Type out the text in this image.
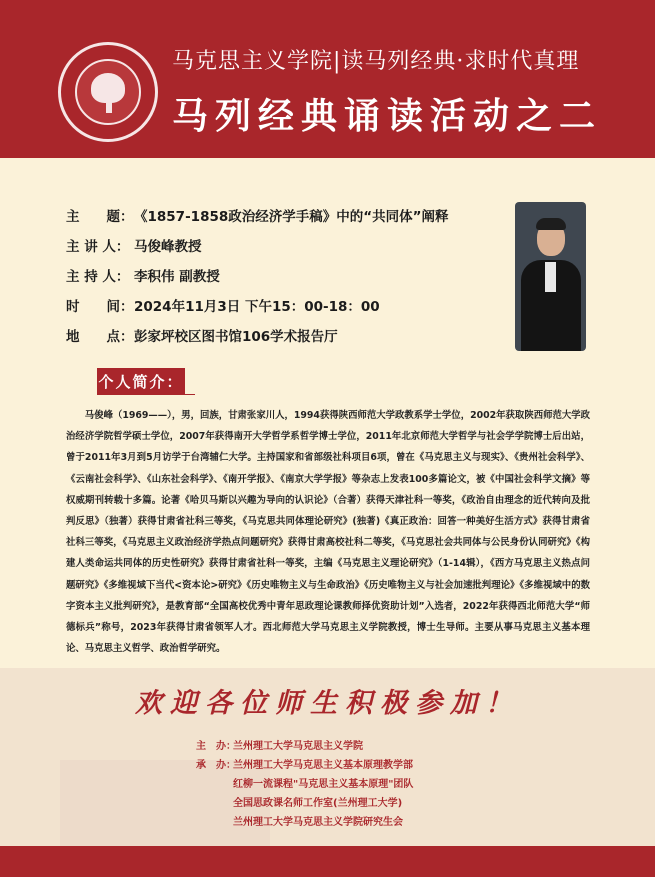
马克思主义学院|读马列经典·求时代真理
马列经典诵读活动之二
主　　题： 《1857-1858政治经济学手稿》中的“共同体”阐释
主 讲 人： 马俊峰教授
主 持 人： 李积伟 副教授
时　　间： 2024年11月3日 下午15：00-18：00
地　　点： 彭家坪校区图书馆106学术报告厅
个人简介：
马俊峰（1969——），男，回族，甘肃张家川人，1994获得陕西师范大学政教系学士学位，2002年获取陕西师范大学政治经济学院哲学硕士学位，2007年获得南开大学哲学系哲学博士学位，2011年北京师范大学哲学与社会学学院博士后出站，曾于2011年3月到5月访学于台湾辅仁大学。主持国家和省部级社科项目6项，曾在《马克思主义与现实》、《贵州社会科学》、《云南社会科学》、《山东社会科学》、《南开学报》、《南京大学学报》等杂志上发表100多篇论文，被《中国社会科学文摘》等权威期刊转载十多篇。论著《哈贝马斯以兴趣为导向的认识论》（合著）获得天津社科一等奖，《政治自由理念的近代转向及批判反思》（独著）获得甘肃省社科三等奖，《马克思共同体理论研究》(独著)《真正政治：回答一种美好生活方式》获得甘肃省社科三等奖，《马克思主义政治经济学热点问题研究》获得甘肃高校社科二等奖，《马克思社会共同体与公民身份认同研究》《构建人类命运共同体的历史性研究》获得甘肃省社科一等奖，主编《马克思主义理论研究》（1-14辑），《西方马克思主义热点问题研究》《多维视域下当代<资本论>研究》《历史唯物主义与生命政治》《历史唯物主义与社会加速批判理论》《多维视域中的数字资本主义批判研究》，是教育部“全国高校优秀中青年思政理论课教师择优资助计划”入选者，2022年获得西北师范大学“师德标兵”称号，2023年获得甘肃省领军人才。西北师范大学马克思主义学院教授，博士生导师。主要从事马克思主义基本理论、马克思主义哲学、政治哲学研究。
欢迎各位师生积极参加！
主　办：
兰州理工大学马克思主义学院
承　办：
兰州理工大学马克思主义基本原理教学部
红柳一流课程"马克思主义基本原理"团队
全国思政课名师工作室(兰州理工大学)
兰州理工大学马克思主义学院研究生会
